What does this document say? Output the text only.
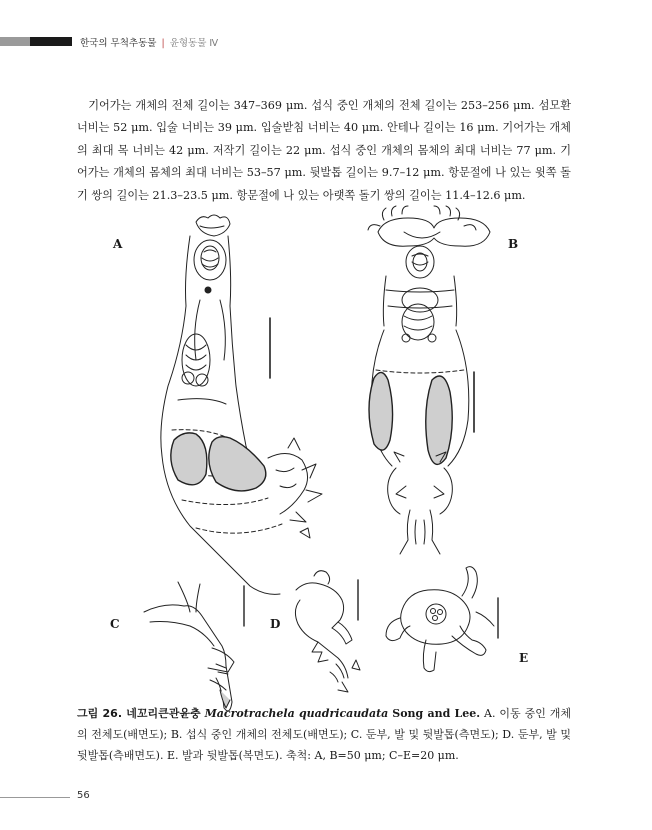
한국의 무척추동물 | 윤형동물 Ⅳ

기어가는 개체의 전체 길이는 347–369 μm. 섭식 중인 개체의 전체 길이는 253–256 μm. 섬모환 너비는 52 μm. 입술 너비는 39 μm. 입술받침 너비는 40 μm. 안테나 길이는 16 μm. 기어가는 개체의 최대 목 너비는 42 μm. 저작기 길이는 22 μm. 섭식 중인 개체의 몸체의 최대 너비는 77 μm. 기어가는 개체의 몸체의 최대 너비는 53–57 μm. 뒷발톱 길이는 9.7–12 μm. 항문절에 나 있는 윗쪽 돌기 쌍의 길이는 21.3–23.5 μm. 항문절에 나 있는 아랫쪽 돌기 쌍의 길이는 11.4–12.6 μm.

A	B
C	D
E
그림 26. 네꼬리큰관윤충 Macrotrachela quadricaudata Song and Lee. A. 이동 중인 개체의 전체도(배면도); B. 섭식 중인 개체의 전체도(배면도); C. 둔부, 발 및 뒷발톱(측면도); D. 둔부, 발 및 뒷발톱(측배면도). E. 발과 뒷발톱(복면도). 축척: A, B=50 μm; C–E=20 μm.
56
